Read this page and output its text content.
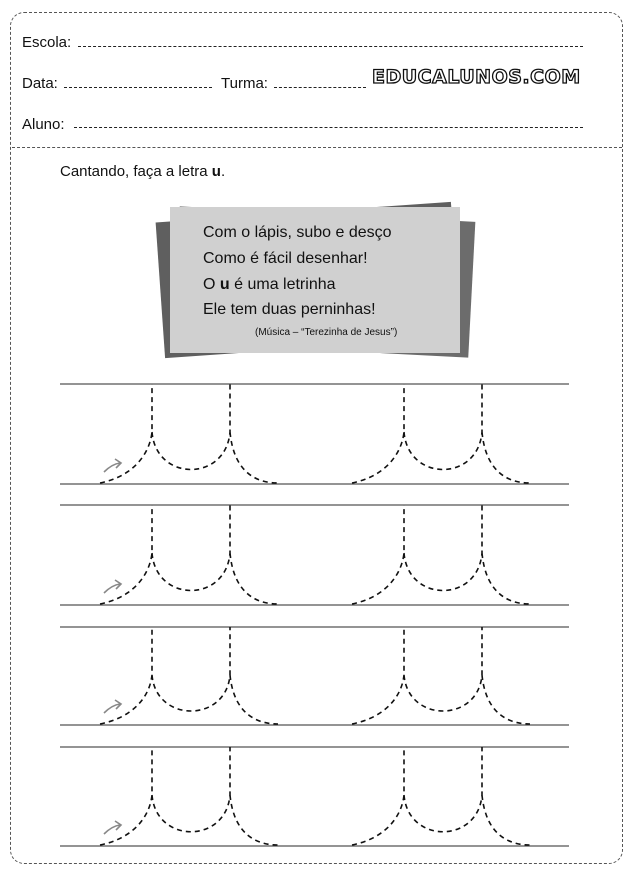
Escola:
Data:	Turma:	EDUCALUNOS.COM
Aluno:
Cantando, faça a letra u.
Com o lápis, subo e desço
Como é fácil desenhar!
O u é uma letrinha
Ele tem duas perninhas!
(Música – “Terezinha de Jesus”)
